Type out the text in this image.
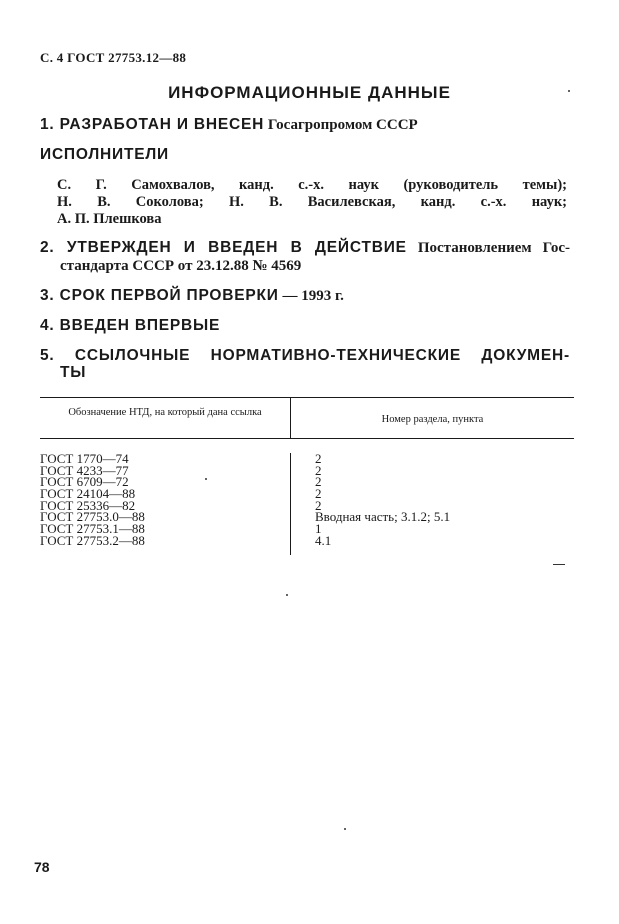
С. 4 ГОСТ 27753.12—88
ИНФОРМАЦИОННЫЕ ДАННЫЕ
1. РАЗРАБОТАН И ВНЕСЕН Госагропромом СССР
ИСПОЛНИТЕЛИ
С. Г. Самохвалов, канд. с.-х. наук (руководитель темы);
Н. В. Соколова; Н. В. Василевская, канд. с.-х. наук;
А. П. Плешкова
2. УТВЕРЖДЕН И ВВЕДЕН В ДЕЙСТВИЕ Постановлением Гос-
стандарта СССР от 23.12.88 № 4569
3. СРОК ПЕРВОЙ ПРОВЕРКИ — 1993 г.
4. ВВЕДЕН ВПЕРВЫЕ
5. ССЫЛОЧНЫЕ НОРМАТИВНО-ТЕХНИЧЕСКИЕ ДОКУМЕН-
ТЫ
Обозначение НТД, на который дана ссылка
Номер раздела, пункта
ГОСТ 1770—74
ГОСТ 4233—77
ГОСТ 6709—72
ГОСТ 24104—88
ГОСТ 25336—82
ГОСТ 27753.0—88
ГОСТ 27753.1—88
ГОСТ 27753.2—88
2
2
2
2
2
Вводная часть; 3.1.2; 5.1
1
4.1
78
